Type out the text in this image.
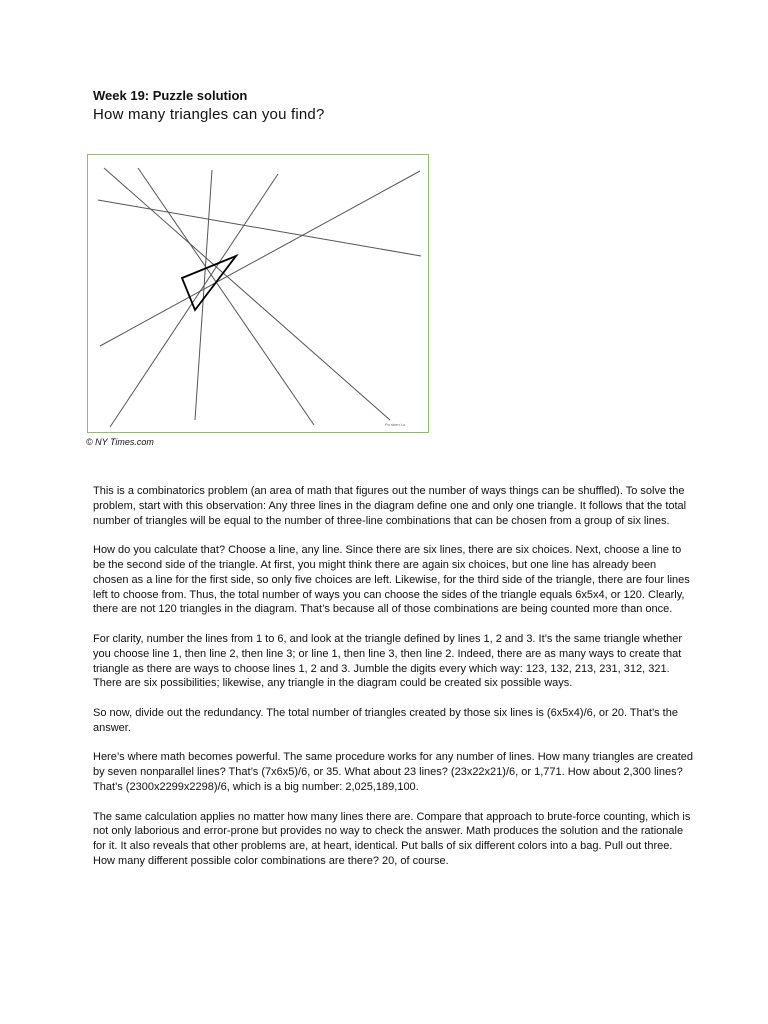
Week 19: Puzzle solution
How many triangles can you find?
Po shen Lo
© NY Times.com

This is a combinatorics problem (an area of math that figures out the number of ways things can be shuffled). To solve the problem, start with this observation: Any three lines in the diagram define one and only one triangle. It follows that the total number of triangles will be equal to the number of three-line combinations that can be chosen from a group of six lines.

How do you calculate that? Choose a line, any line. Since there are six lines, there are six choices. Next, choose a line to be the second side of the triangle. At first, you might think there are again six choices, but one line has already been chosen as a line for the first side, so only five choices are left. Likewise, for the third side of the triangle, there are four lines left to choose from. Thus, the total number of ways you can choose the sides of the triangle equals 6x5x4, or 120. Clearly, there are not 120 triangles in the diagram. That’s because all of those combinations are being counted more than once.

For clarity, number the lines from 1 to 6, and look at the triangle defined by lines 1, 2 and 3. It’s the same triangle whether you choose line 1, then line 2, then line 3; or line 1, then line 3, then line 2. Indeed, there are as many ways to create that triangle as there are ways to choose lines 1, 2 and 3. Jumble the digits every which way: 123, 132, 213, 231, 312, 321. There are six possibilities; likewise, any triangle in the diagram could be created six possible ways.

So now, divide out the redundancy. The total number of triangles created by those six lines is (6x5x4)/6, or 20. That’s the answer.

Here’s where math becomes powerful. The same procedure works for any number of lines. How many triangles are created by seven nonparallel lines? That’s (7x6x5)/6, or 35. What about 23 lines? (23x22x21)/6, or 1,771. How about 2,300 lines? That’s (2300x2299x2298)/6, which is a big number: 2,025,189,100.

The same calculation applies no matter how many lines there are. Compare that approach to brute-force counting, which is not only laborious and error-prone but provides no way to check the answer. Math produces the solution and the rationale for it. It also reveals that other problems are, at heart, identical. Put balls of six different colors into a bag. Pull out three. How many different possible color combinations are there? 20, of course.
